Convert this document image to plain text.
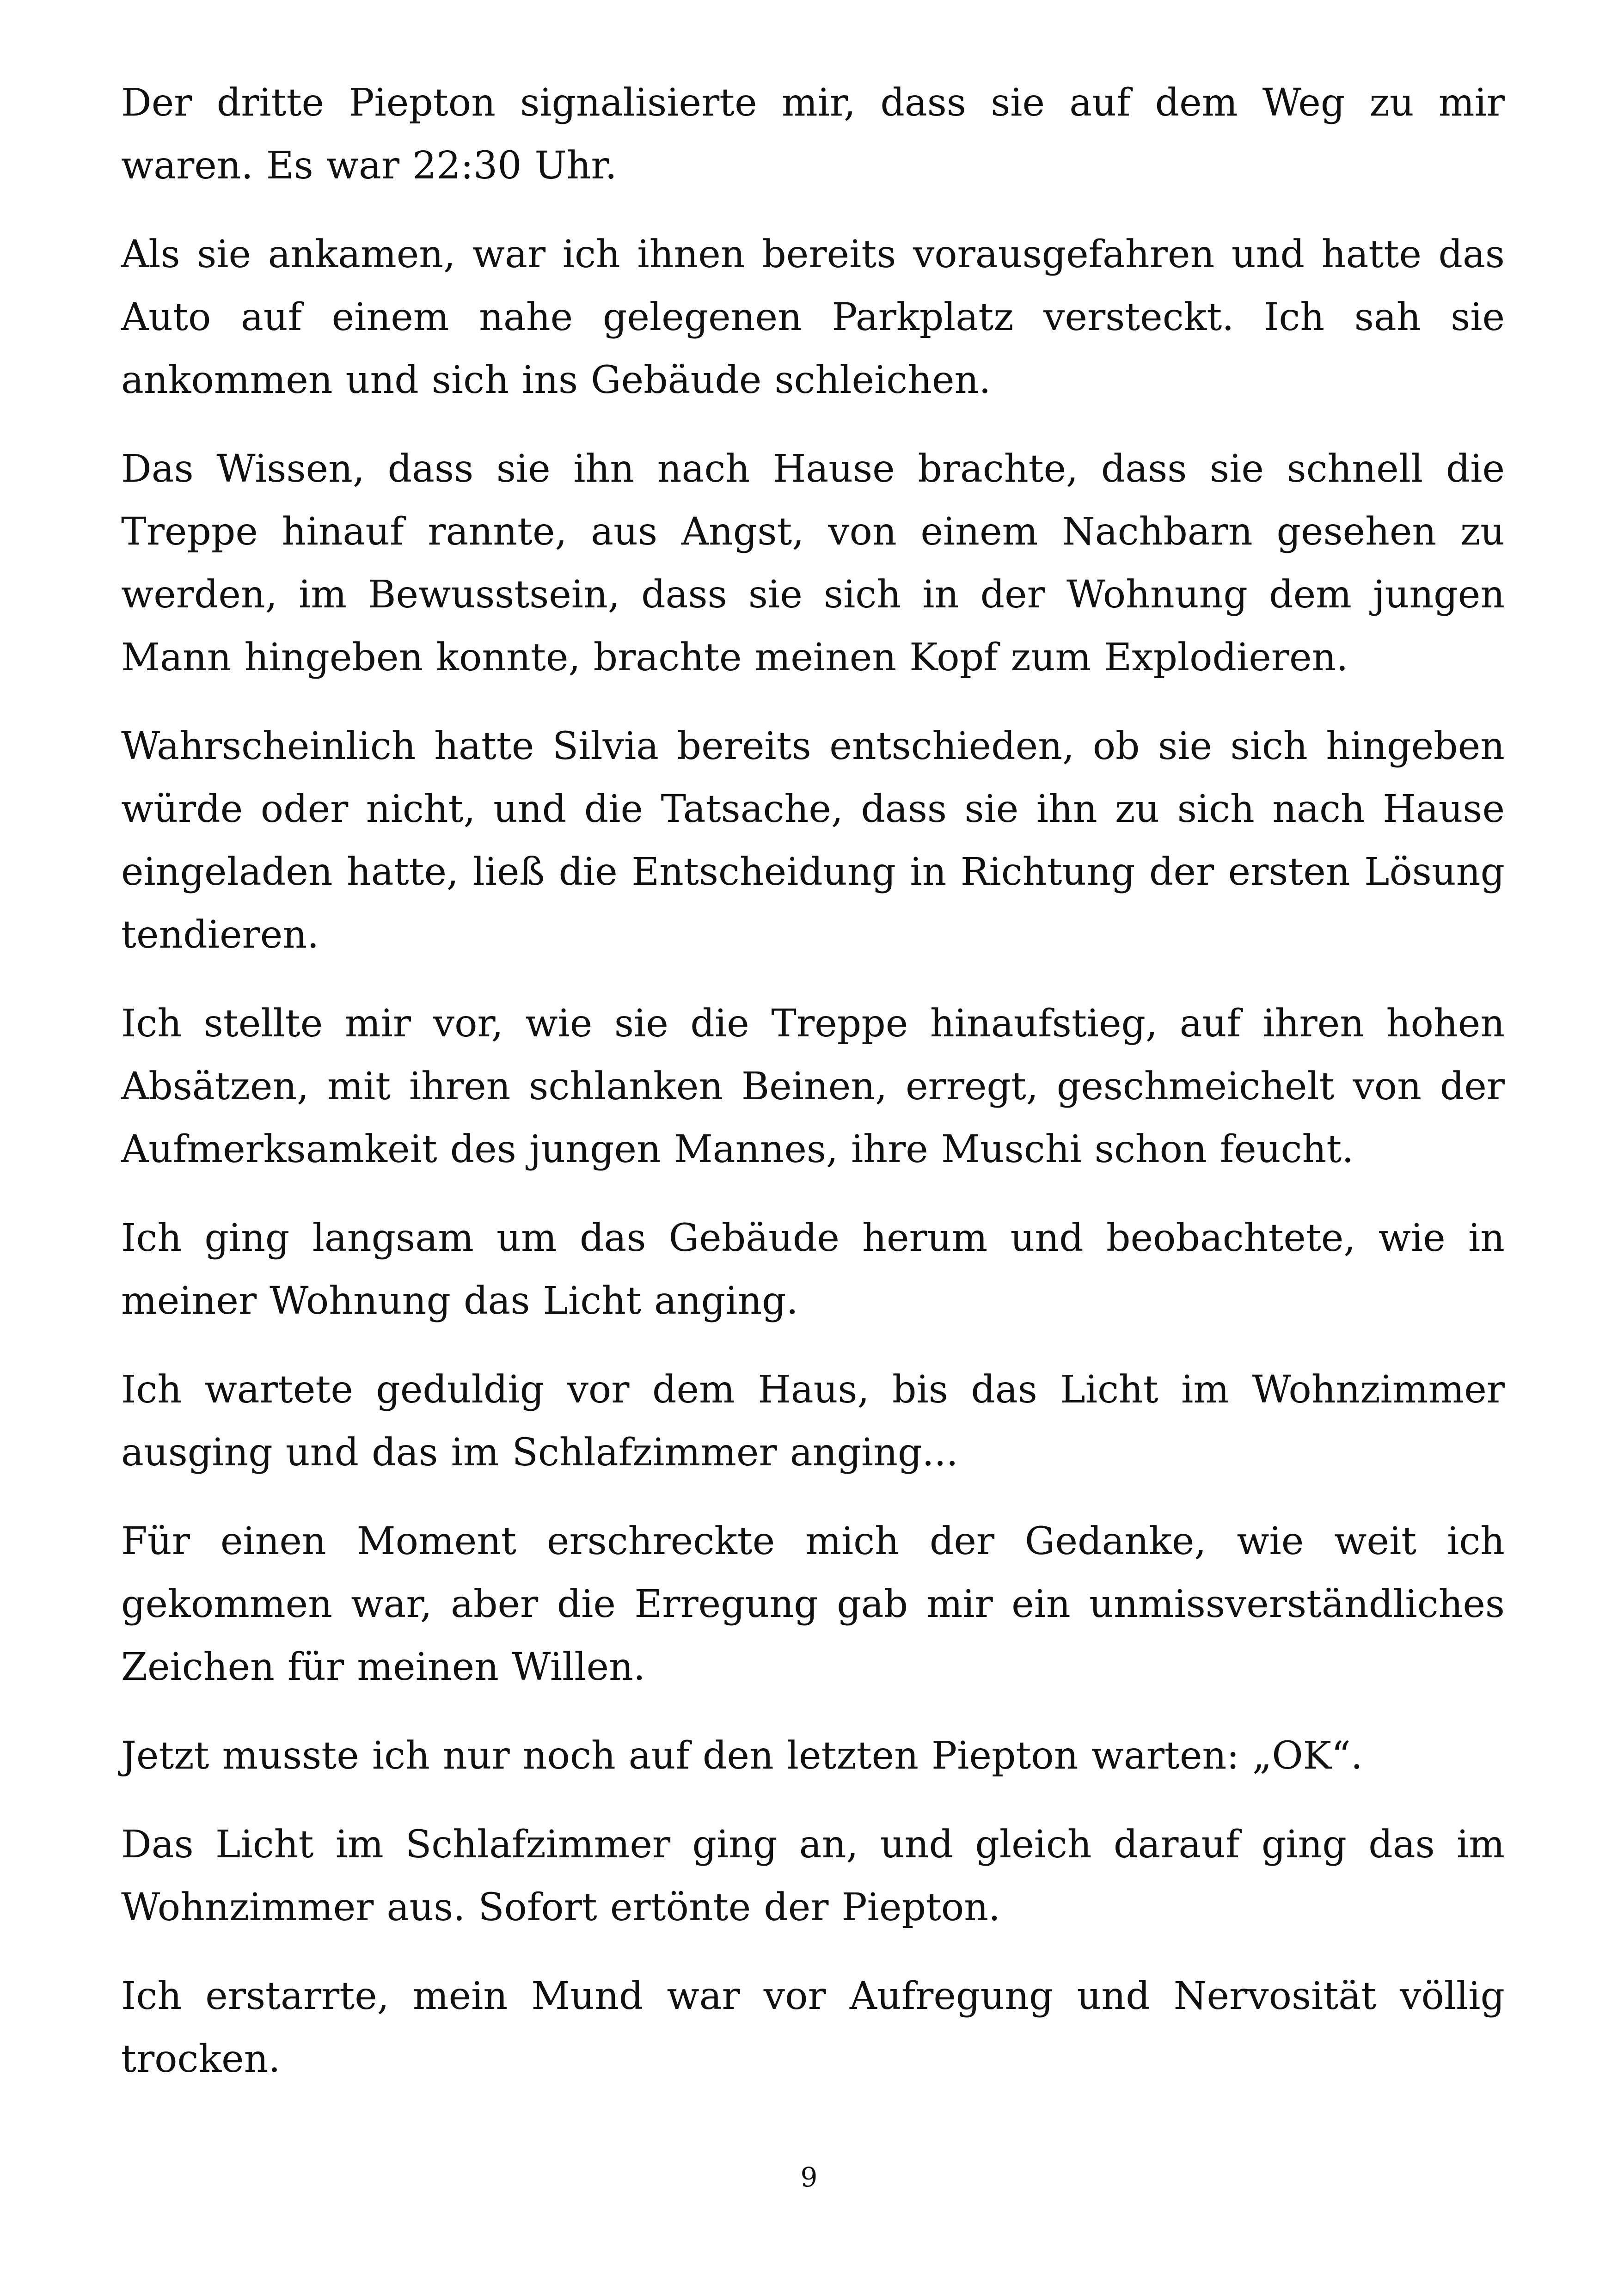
Der dritte Piepton signalisierte mir, dass sie auf dem Weg zu mir waren. Es war 22:30 Uhr.

Als sie ankamen, war ich ihnen bereits vorausgefahren und hatte das Auto auf einem nahe gelegenen Parkplatz versteckt. Ich sah sie ankommen und sich ins Gebäude schleichen.

Das Wissen, dass sie ihn nach Hause brachte, dass sie schnell die Treppe hinauf rannte, aus Angst, von einem Nachbarn gesehen zu werden, im Bewusstsein, dass sie sich in der Wohnung dem jungen Mann hingeben konnte, brachte meinen Kopf zum Explodieren.

Wahrscheinlich hatte Silvia bereits entschieden, ob sie sich hingeben würde oder nicht, und die Tatsache, dass sie ihn zu sich nach Hause eingeladen hatte, ließ die Entscheidung in Richtung der ersten Lösung tendieren.

Ich stellte mir vor, wie sie die Treppe hinaufstieg, auf ihren hohen Absätzen, mit ihren schlanken Beinen, erregt, geschmeichelt von der Aufmerksamkeit des jungen Mannes, ihre Muschi schon feucht.

Ich ging langsam um das Gebäude herum und beobachtete, wie in meiner Wohnung das Licht anging.

Ich wartete geduldig vor dem Haus, bis das Licht im Wohnzimmer ausging und das im Schlafzimmer anging...

Für einen Moment erschreckte mich der Gedanke, wie weit ich gekommen war, aber die Erregung gab mir ein unmissverständliches Zeichen für meinen Willen.

Jetzt musste ich nur noch auf den letzten Piepton warten: „OK“.

Das Licht im Schlafzimmer ging an, und gleich darauf ging das im Wohnzimmer aus. Sofort ertönte der Piepton.

Ich erstarrte, mein Mund war vor Aufregung und Nervosität völlig trocken.

9
